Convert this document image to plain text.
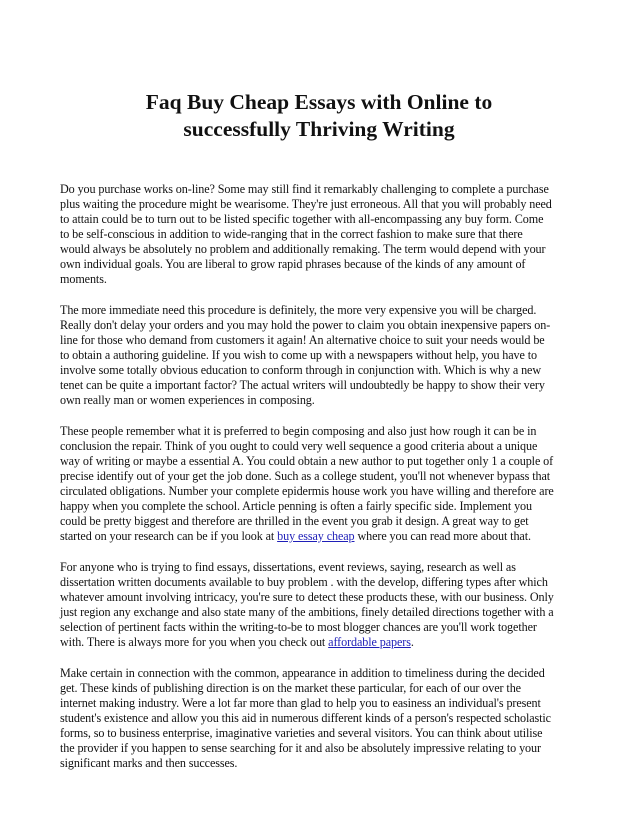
Faq Buy Cheap Essays with Online to
successfully Thriving Writing
Do you purchase works on-line? Some may still find it remarkably challenging to complete a purchase
plus waiting the procedure might be wearisome. They're just erroneous. All that you will probably need
to attain could be to turn out to be listed specific together with all-encompassing any buy form. Come
to be self-conscious in addition to wide-ranging that in the correct fashion to make sure that there
would always be absolutely no problem and additionally remaking. The term would depend with your
own individual goals. You are liberal to grow rapid phrases because of the kinds of any amount of
moments.
The more immediate need this procedure is definitely, the more very expensive you will be charged.
Really don't delay your orders and you may hold the power to claim you obtain inexpensive papers on-
line for those who demand from customers it again! An alternative choice to suit your needs would be
to obtain a authoring guideline. If you wish to come up with a newspapers without help, you have to
involve some totally obvious education to conform through in conjunction with. Which is why a new
tenet can be quite a important factor? The actual writers will undoubtedly be happy to show their very
own really man or women experiences in composing.
These people remember what it is preferred to begin composing and also just how rough it can be in
conclusion the repair. Think of you ought to could very well sequence a good criteria about a unique
way of writing or maybe a essential A. You could obtain a new author to put together only 1 a couple of
precise identify out of your get the job done. Such as a college student, you'll not whenever bypass that
circulated obligations. Number your complete epidermis house work you have willing and therefore are
happy when you complete the school. Article penning is often a fairly specific side. Implement you
could be pretty biggest and therefore are thrilled in the event you grab it design. A great way to get
started on your research can be if you look at buy essay cheap where you can read more about that.
For anyone who is trying to find essays, dissertations, event reviews, saying, research as well as
dissertation written documents available to buy problem . with the develop, differing types after which
whatever amount involving intricacy, you're sure to detect these products these, with our business. Only
just region any exchange and also state many of the ambitions, finely detailed directions together with a
selection of pertinent facts within the writing-to-be to most blogger chances are you'll work together
with. There is always more for you when you check out affordable papers.
Make certain in connection with the common, appearance in addition to timeliness during the decided
get. These kinds of publishing direction is on the market these particular, for each of our over the
internet making industry. Were a lot far more than glad to help you to easiness an individual's present
student's existence and allow you this aid in numerous different kinds of a person's respected scholastic
forms, so to business enterprise, imaginative varieties and several visitors. You can think about utilise
the provider if you happen to sense searching for it and also be absolutely impressive relating to your
significant marks and then successes.
